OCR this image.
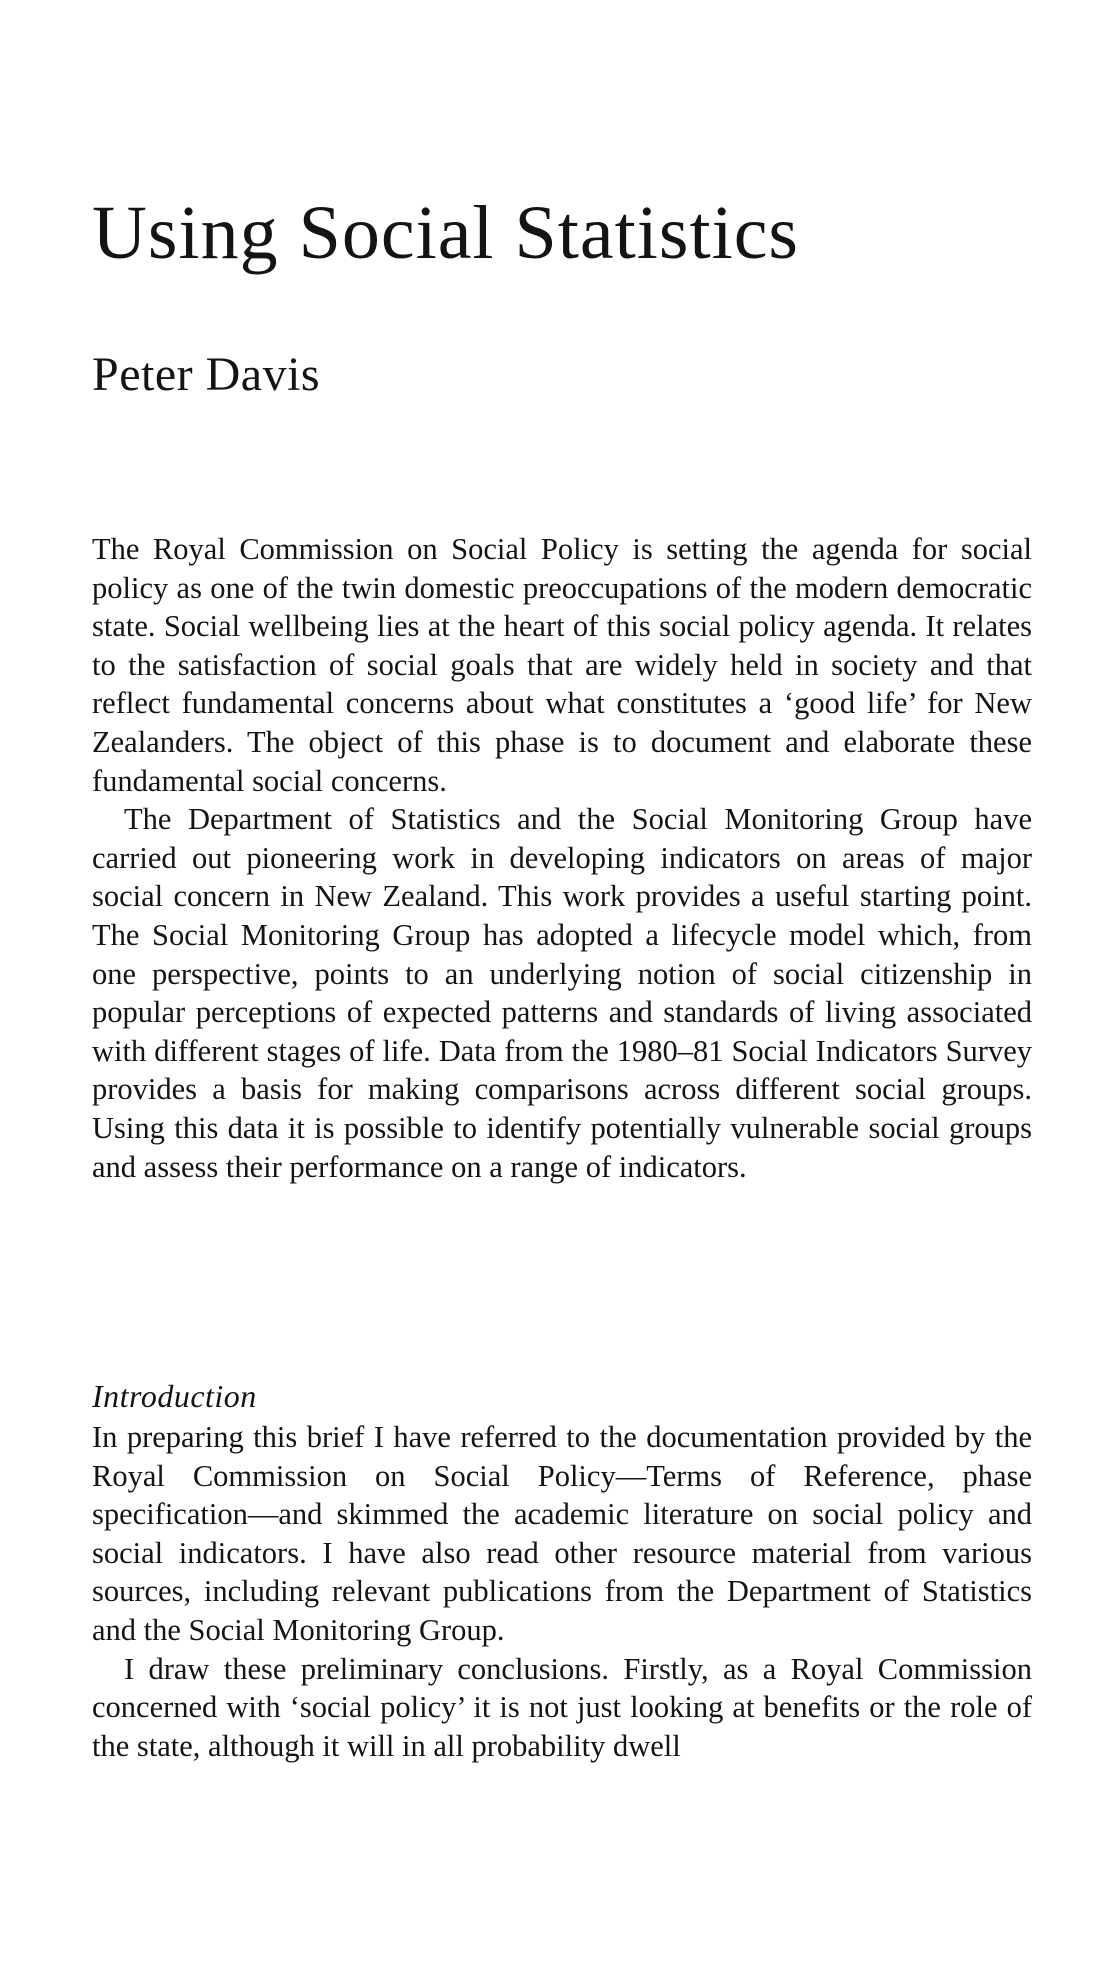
Using Social Statistics
Peter Davis

The Royal Commission on Social Policy is setting the agenda for social policy as one of the twin domestic preoccupations of the modern democratic state. Social wellbeing lies at the heart of this social policy agenda. It relates to the satisfaction of social goals that are widely held in society and that reflect fundamental concerns about what constitutes a ‘good life’ for New Zealanders. The object of this phase is to document and elaborate these fundamental social concerns.

The Department of Statistics and the Social Monitoring Group have carried out pioneering work in developing indicators on areas of major social concern in New Zealand. This work provides a useful starting point. The Social Monitoring Group has adopted a lifecycle model which, from one perspective, points to an underlying notion of social citizenship in popular perceptions of expected patterns and standards of living associated with different stages of life. Data from the 1980–81 Social Indicators Survey provides a basis for making comparisons across different social groups. Using this data it is possible to identify potentially vulnerable social groups and assess their performance on a range of indicators.

Introduction

In preparing this brief I have referred to the documentation provided by the Royal Commission on Social Policy—Terms of Reference, phase specification—and skimmed the academic literature on social policy and social indicators. I have also read other resource material from various sources, including relevant publications from the Department of Statistics and the Social Monitoring Group.

I draw these preliminary conclusions. Firstly, as a Royal Commission concerned with ‘social policy’ it is not just looking at benefits or the role of the state, although it will in all probability dwell
